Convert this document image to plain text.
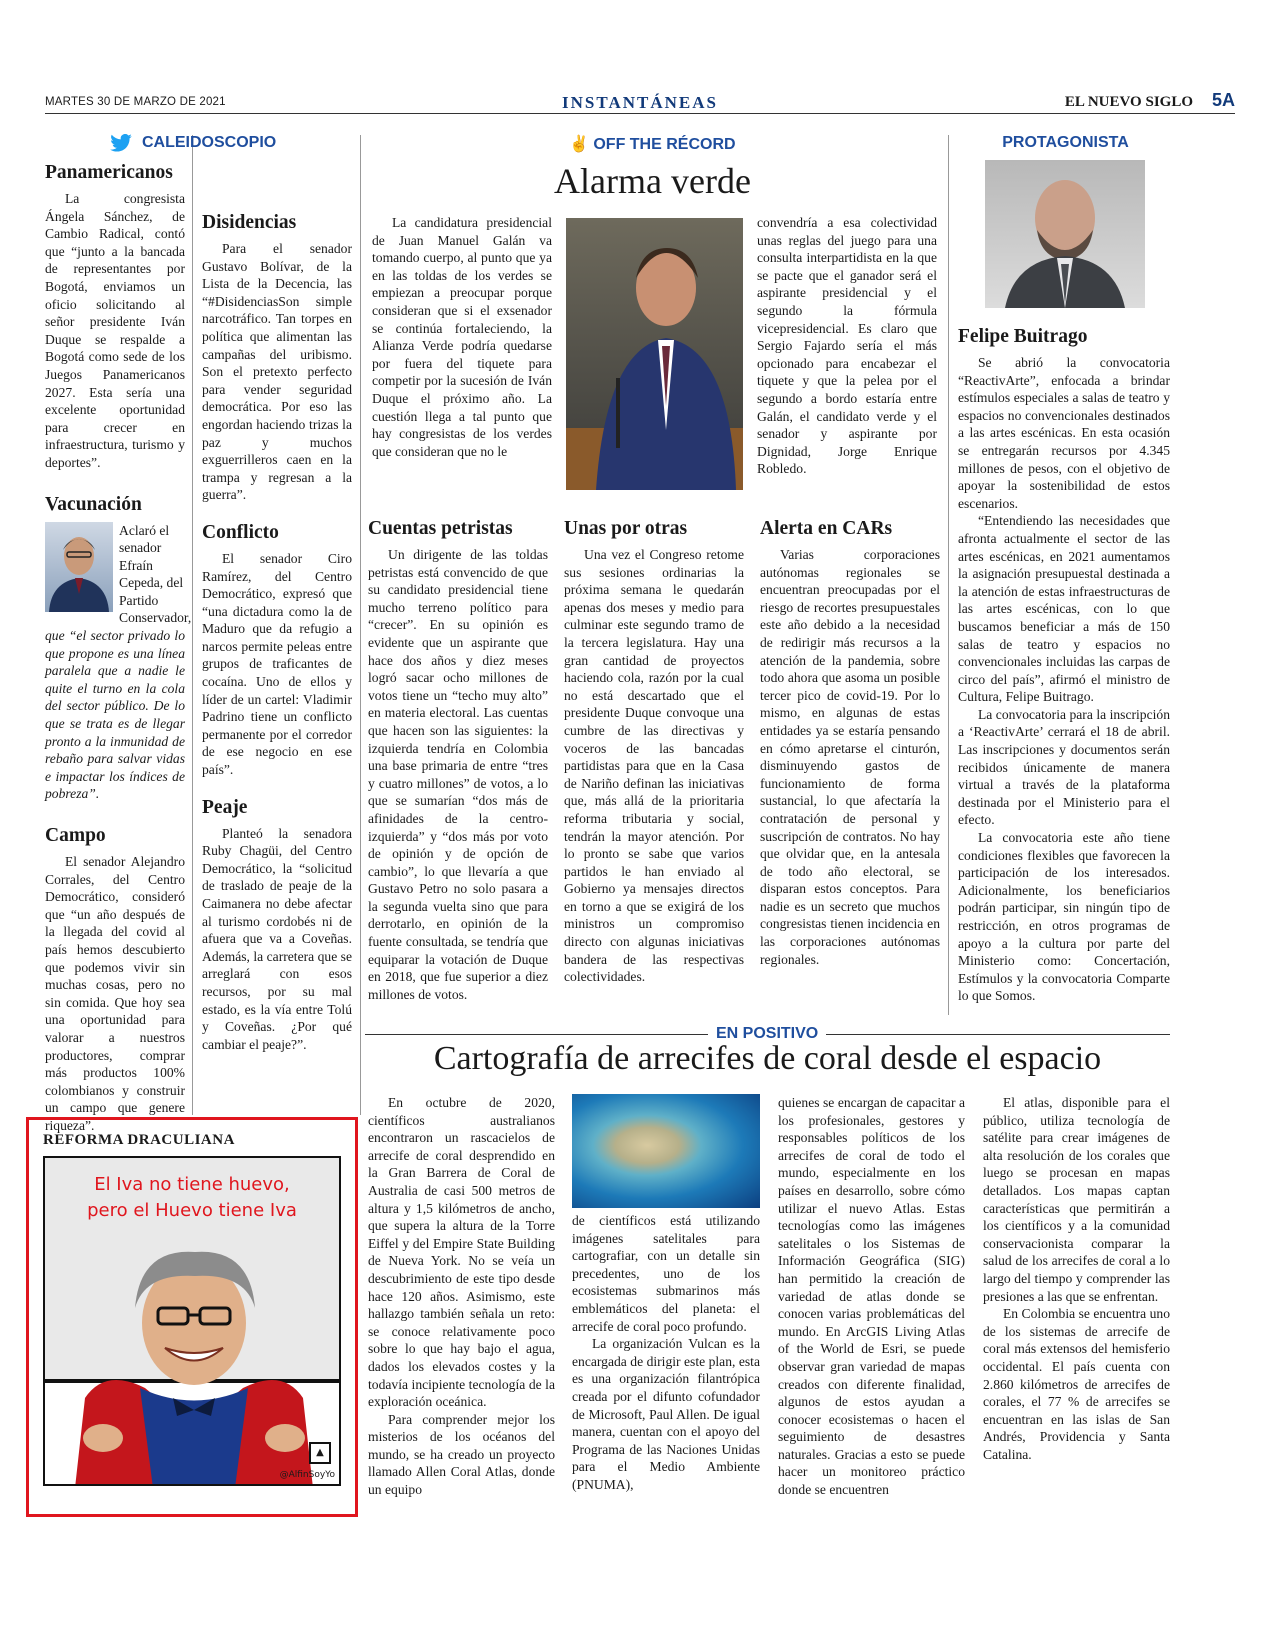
MARTES 30 DE MARZO DE 2021	INSTANTÁNEAS	EL NUEVO SIGLO 5A
CALEIDOSCOPIO
Panamericanos

La congresista Ángela Sánchez, de Cambio Radical, contó que “junto a la bancada de representantes por Bogotá, enviamos un oficio solicitando al señor presidente Iván Duque se respalde a Bogotá como sede de los Juegos Panamericanos 2027. Esta sería una excelente oportunidad para crecer en infraestructura, turismo y deportes”.

Vacunación

Aclaró el senador Efraín Cepeda, del Partido Conservador,

que “el sector privado lo que propone es una línea paralela que a nadie le quite el turno en la cola del sector público. De lo que se trata es de llegar pronto a la inmunidad de rebaño para salvar vidas e impactar los índices de pobreza”.

Campo

El senador Alejandro Corrales, del Centro Democrático, consideró que “un año después de la llegada del covid al país hemos descubierto que podemos vivir sin muchas cosas, pero no sin comida. Que hoy sea una oportunidad para valorar a nuestros productores, comprar más productos 100% colombianos y construir un campo que genere riqueza”.

Disidencias

Para el senador Gustavo Bolívar, de la Lista de la Decencia, las “#DisidenciasSon simple narcotráfico. Tan torpes en política que alimentan las campañas del uribismo. Son el pretexto perfecto para vender seguridad democrática. Por eso las engordan haciendo trizas la paz y muchos exguerrilleros caen en la trampa y regresan a la guerra”.

Conflicto

El senador Ciro Ramírez, del Centro Democrático, expresó que “una dictadura como la de Maduro que da refugio a narcos permite peleas entre grupos de traficantes de cocaína. Uno de ellos y líder de un cartel: Vladimir Padrino tiene un conflicto permanente por el corredor de ese negocio en ese país”.

Peaje

Planteó la senadora Ruby Chagüi, del Centro Democrático, la “solicitud de traslado de peaje de la Caimanera no debe afectar al turismo cordobés ni de afuera que va a Coveñas. Además, la carretera que se arreglará con esos recursos, por su mal estado, es la vía entre Tolú y Coveñas. ¿Por qué cambiar el peaje?”.

REFORMA DRACULIANA
El Iva no tiene huevo,
pero el Huevo tiene Iva
▲
@AlfinSoyYo
✌ OFF THE RÉCORD
Alarma verde

La candidatura presidencial de Juan Manuel Galán va tomando cuerpo, al punto que ya en las toldas de los verdes se empiezan a preocupar porque consideran que si el exsenador se continúa fortaleciendo, la Alianza Verde podría quedarse por fuera del tiquete para competir por la sucesión de Iván Duque el próximo año. La cuestión llega a tal punto que hay congresistas de los verdes que consideran que no le

convendría a esa colectividad unas reglas del juego para una consulta interpartidista en la que se pacte que el ganador será el aspirante presidencial y el segundo la fórmula vicepresidencial. Es claro que Sergio Fajardo sería el más opcionado para encabezar el tiquete y que la pelea por el segundo a bordo estaría entre Galán, el candidato verde y el senador y aspirante por Dignidad, Jorge Enrique Robledo.

Cuentas petristas

Un dirigente de las toldas petristas está convencido de que su candidato presidencial tiene mucho terreno político para “crecer”. En su opinión es evidente que un aspirante que hace dos años y diez meses logró sacar ocho millones de votos tiene un “techo muy alto” en materia electoral. Las cuentas que hacen son las siguientes: la izquierda tendría en Colombia una base primaria de entre “tres y cuatro millones” de votos, a lo que se sumarían “dos más de afinidades de la centro-izquierda” y “dos más por voto de opinión y de opción de cambio”, lo que llevaría a que Gustavo Petro no solo pasara a la segunda vuelta sino que para derrotarlo, en opinión de la fuente consultada, se tendría que equiparar la votación de Duque en 2018, que fue superior a diez millones de votos.

Unas por otras

Una vez el Congreso retome sus sesiones ordinarias la próxima semana le quedarán apenas dos meses y medio para culminar este segundo tramo de la tercera legislatura. Hay una gran cantidad de proyectos haciendo cola, razón por la cual no está descartado que el presidente Duque convoque una cumbre de las directivas y voceros de las bancadas partidistas para que en la Casa de Nariño definan las iniciativas que, más allá de la prioritaria reforma tributaria y social, tendrán la mayor atención. Por lo pronto se sabe que varios partidos le han enviado al Gobierno ya mensajes directos en torno a que se exigirá de los ministros un compromiso directo con algunas iniciativas bandera de las respectivas colectividades.

Alerta en CARs

Varias corporaciones autónomas regionales se encuentran preocupadas por el riesgo de recortes presupuestales este año debido a la necesidad de redirigir más recursos a la atención de la pandemia, sobre todo ahora que asoma un posible tercer pico de covid-19. Por lo mismo, en algunas de estas entidades ya se estaría pensando en cómo apretarse el cinturón, disminuyendo gastos de funcionamiento de forma sustancial, lo que afectaría la contratación de personal y suscripción de contratos. No hay que olvidar que, en la antesala de todo año electoral, se disparan estos conceptos. Para nadie es un secreto que muchos congresistas tienen incidencia en las corporaciones autónomas regionales.

PROTAGONISTA
Felipe Buitrago

Se abrió la convocatoria “ReactivArte”, enfocada a brindar estímulos especiales a salas de teatro y espacios no convencionales destinados a las artes escénicas. En esta ocasión se entregarán recursos por 4.345 millones de pesos, con el objetivo de apoyar la sostenibilidad de estos escenarios.

“Entendiendo las necesidades que afronta actualmente el sector de las artes escénicas, en 2021 aumentamos la asignación presupuestal destinada a la atención de estas infraestructuras de las artes escénicas, con lo que buscamos beneficiar a más de 150 salas de teatro y espacios no convencionales incluidas las carpas de circo del país”, afirmó el ministro de Cultura, Felipe Buitrago.

La convocatoria para la inscripción a ‘ReactivArte’ cerrará el 18 de abril. Las inscripciones y documentos serán recibidos únicamente de manera virtual a través de la plataforma destinada por el Ministerio para el efecto.

La convocatoria este año tiene condiciones flexibles que favorecen la participación de los interesados. Adicionalmente, los beneficiarios podrán participar, sin ningún tipo de restricción, en otros programas de apoyo a la cultura por parte del Ministerio como: Concertación, Estímulos y la convocatoria Comparte lo que Somos.

EN POSITIVO
Cartografía de arrecifes de coral desde el espacio

En octubre de 2020, científicos australianos encontraron un rascacielos de arrecife de coral desprendido en la Gran Barrera de Coral de Australia de casi 500 metros de altura y 1,5 kilómetros de ancho, que supera la altura de la Torre Eiffel y del Empire State Building de Nueva York. No se veía un descubrimiento de este tipo desde hace 120 años. Asimismo, este hallazgo también señala un reto: se conoce relativamente poco sobre lo que hay bajo el agua, dados los elevados costes y la todavía incipiente tecnología de la exploración oceánica.

Para comprender mejor los misterios de los océanos del mundo, se ha creado un proyecto llamado Allen Coral Atlas, donde un equipo

de científicos está utilizando imágenes satelitales para cartografiar, con un detalle sin precedentes, uno de los ecosistemas submarinos más emblemáticos del planeta: el arrecife de coral poco profundo.

La organización Vulcan es la encargada de dirigir este plan, esta es una organización filantrópica creada por el difunto cofundador de Microsoft, Paul Allen. De igual manera, cuentan con el apoyo del Programa de las Naciones Unidas para el Medio Ambiente (PNUMA),

quienes se encargan de capacitar a los profesionales, gestores y responsables políticos de los arrecifes de coral de todo el mundo, especialmente en los países en desarrollo, sobre cómo utilizar el nuevo Atlas. Estas tecnologías como las imágenes satelitales o los Sistemas de Información Geográfica (SIG) han permitido la creación de variedad de atlas donde se conocen varias problemáticas del mundo. En ArcGIS Living Atlas of the World de Esri, se puede observar gran variedad de mapas creados con diferente finalidad, algunos de estos ayudan a conocer ecosistemas o hacen el seguimiento de desastres naturales. Gracias a esto se puede hacer un monitoreo práctico donde se encuentren

El atlas, disponible para el público, utiliza tecnología de satélite para crear imágenes de alta resolución de los corales que luego se procesan en mapas detallados. Los mapas captan características que permitirán a los científicos y a la comunidad conservacionista comparar la salud de los arrecifes de coral a lo largo del tiempo y comprender las presiones a las que se enfrentan.

En Colombia se encuentra uno de los sistemas de arrecife de coral más extensos del hemisferio occidental. El país cuenta con 2.860 kilómetros de arrecifes de corales, el 77 % de arrecifes se encuentran en las islas de San Andrés, Providencia y Santa Catalina.
